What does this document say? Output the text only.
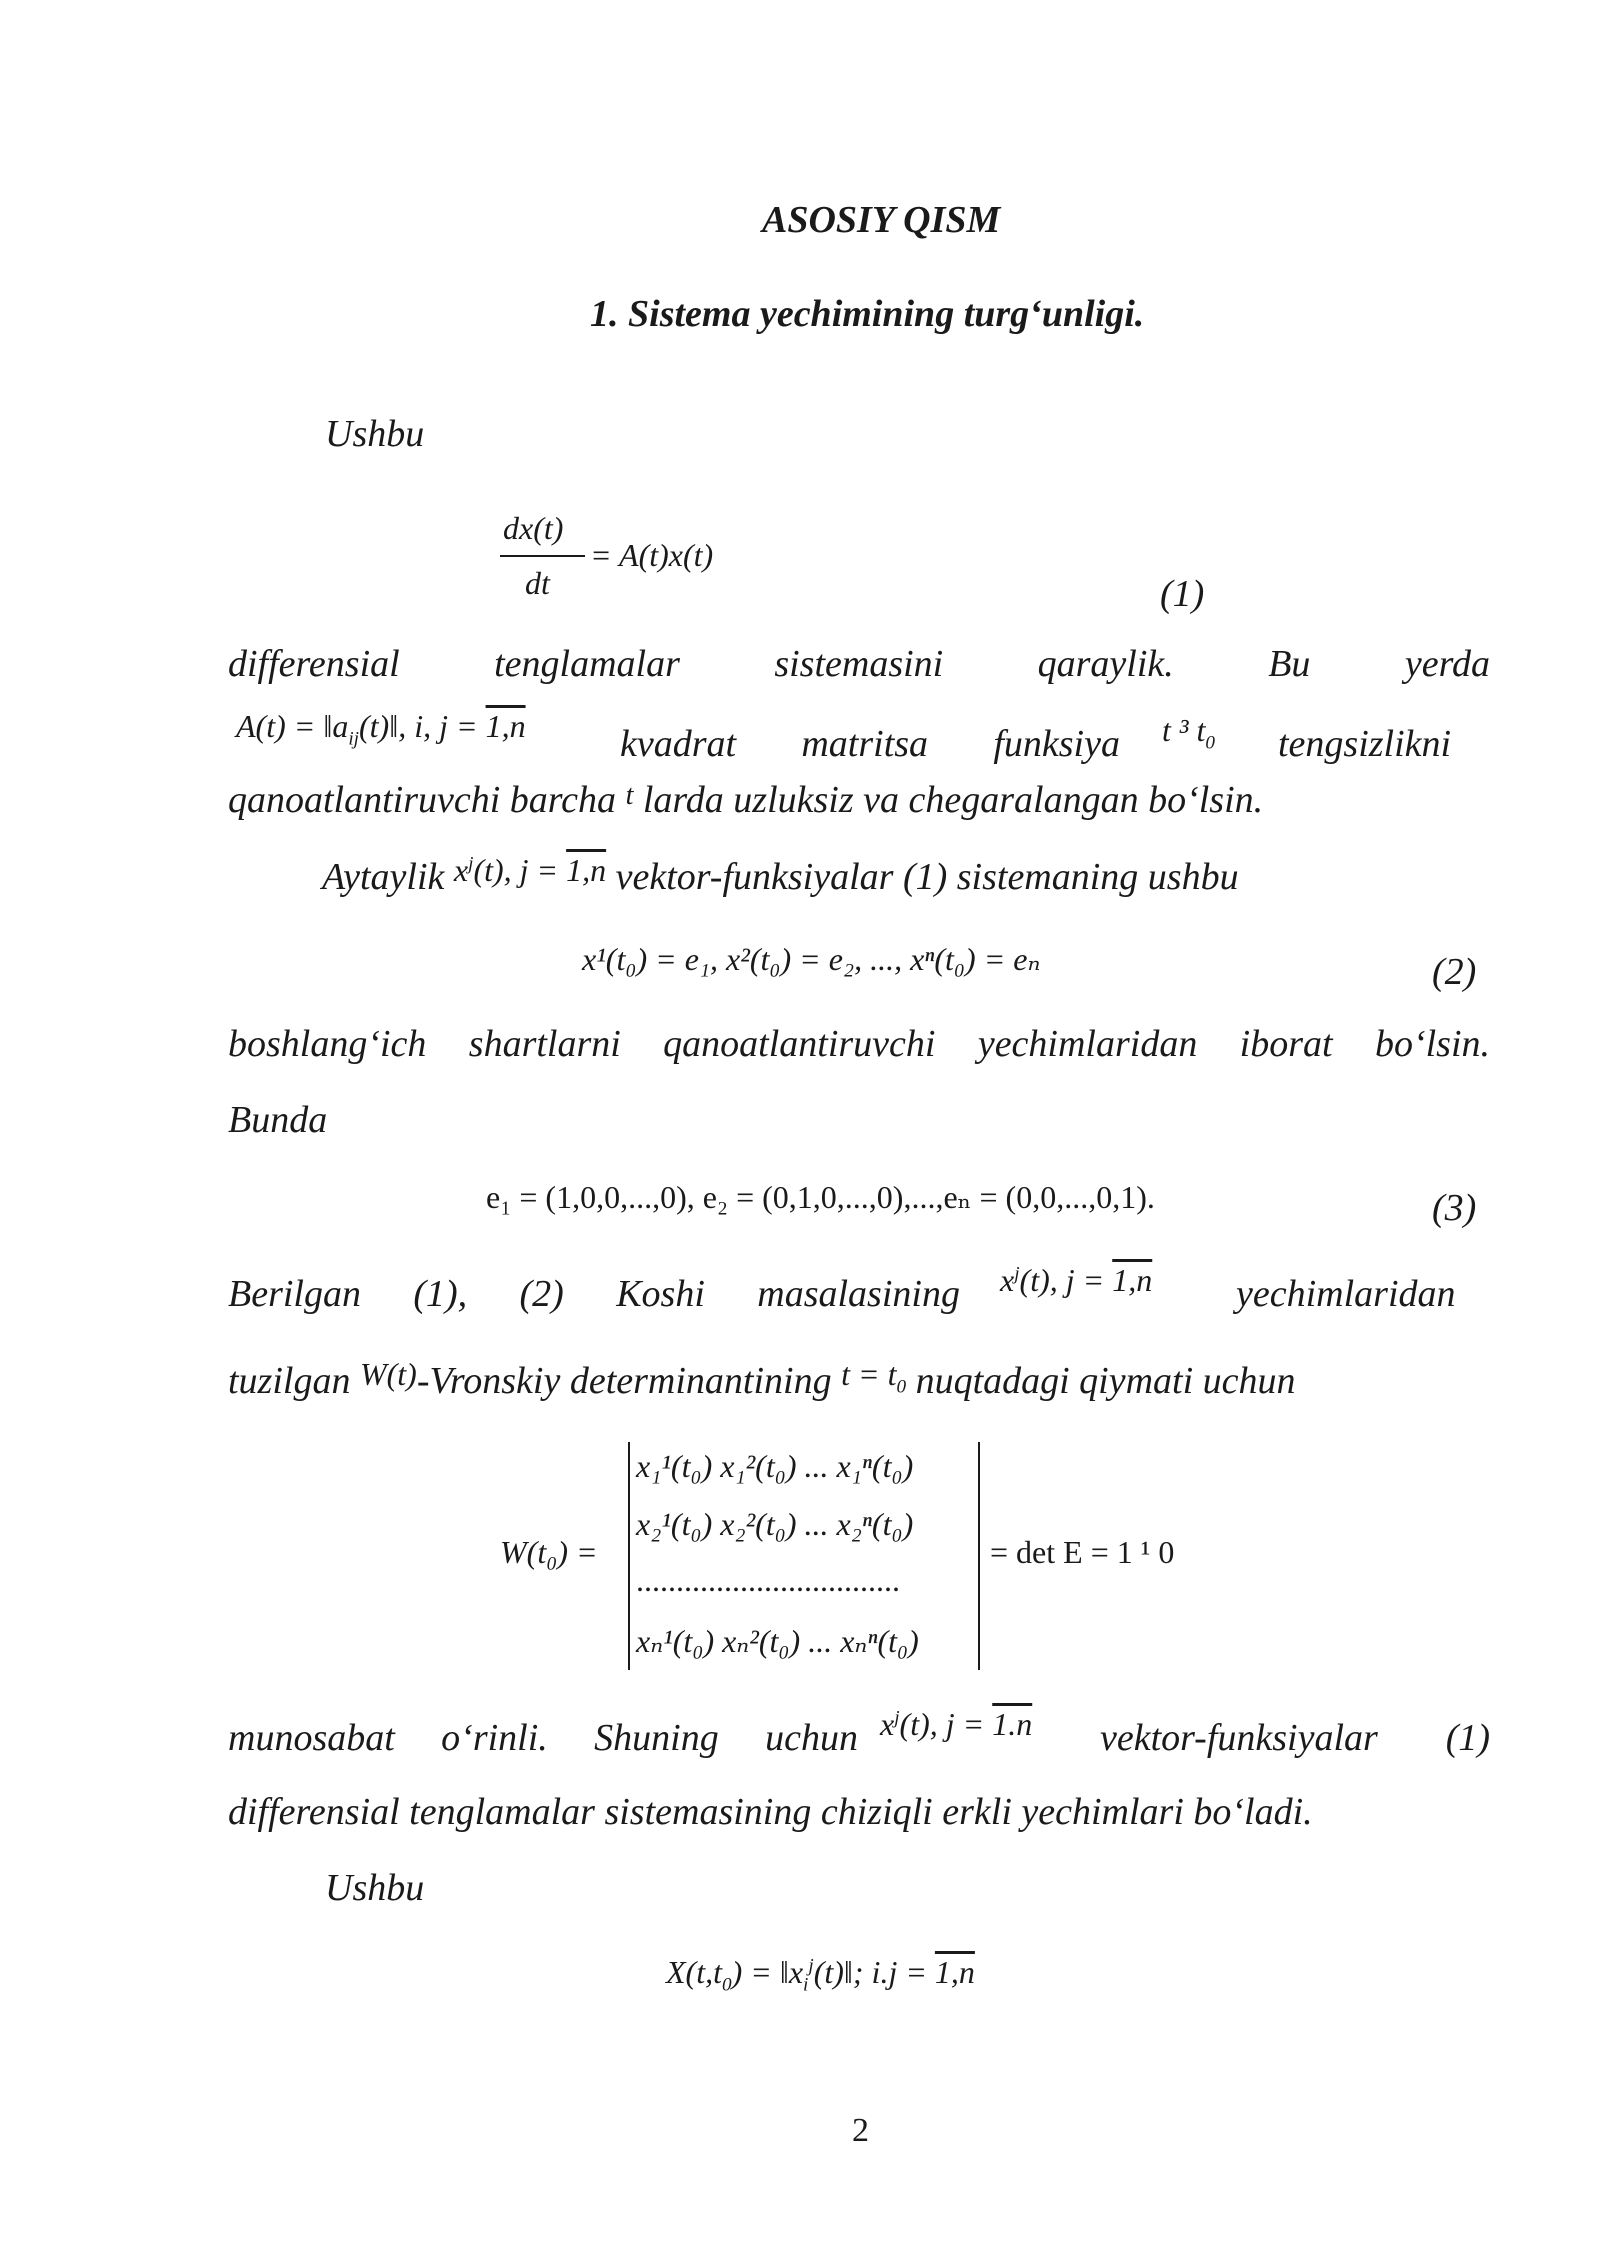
ASOSIY QISM
1. Sistema yechimining turg‘unligi.
Ushbu
dx(t)
dt
= A(t)x(t)
(1)
differensial tenglamalar sistemasini qaraylik. Bu yerda
$A(t) = ‖a_{ij}(t)‖$, i, j = 1,n kvadrat matritsa funksiya t ³ $t_0$ tengsizlikni
qanoatlantiruvchi barcha $^t$ larda uzluksiz va chegaralangan bo‘lsin.
Aytaylik $^{x^j(t), j = 1,n}$ vektor-funksiyalar (1) sistemaning ushbu
x¹(t₀) = e₁, x²(t₀) = e₂, ..., xⁿ(t₀) = eₙ	(2)
boshlang‘ich shartlarni qanoatlantiruvchi yechimlaridan iborat bo‘lsin.
Bunda
e₁ = (1,0,0,...,0), e₂ = (0,1,0,...,0),...,eₙ = (0,0,...,0,1).	(3)
Berilgan (1), (2) Koshi masalasining $x^j(t)$, j = 1,n yechimlaridan
tuzilgan $^{W(t)}$-Vronskiy determinantining $^{t = t_0}$ nuqtadagi qiymati uchun
W(t₀) =
x₁¹(t₀) x₁²(t₀) ... x₁ⁿ(t₀)
x₂¹(t₀) x₂²(t₀) ... x₂ⁿ(t₀)
.................................
xₙ¹(t₀) xₙ²(t₀) ... xₙⁿ(t₀)
= det E = 1 ¹ 0
munosabat o‘rinli. Shuning uchun $x^j(t)$, j = 1.n vektor-funksiyalar (1)
differensial tenglamalar sistemasining chiziqli erkli yechimlari bo‘ladi.
Ushbu
$X(t,t_0)$ = $‖x_i^j(t)‖$; i.j = 1,n
2
